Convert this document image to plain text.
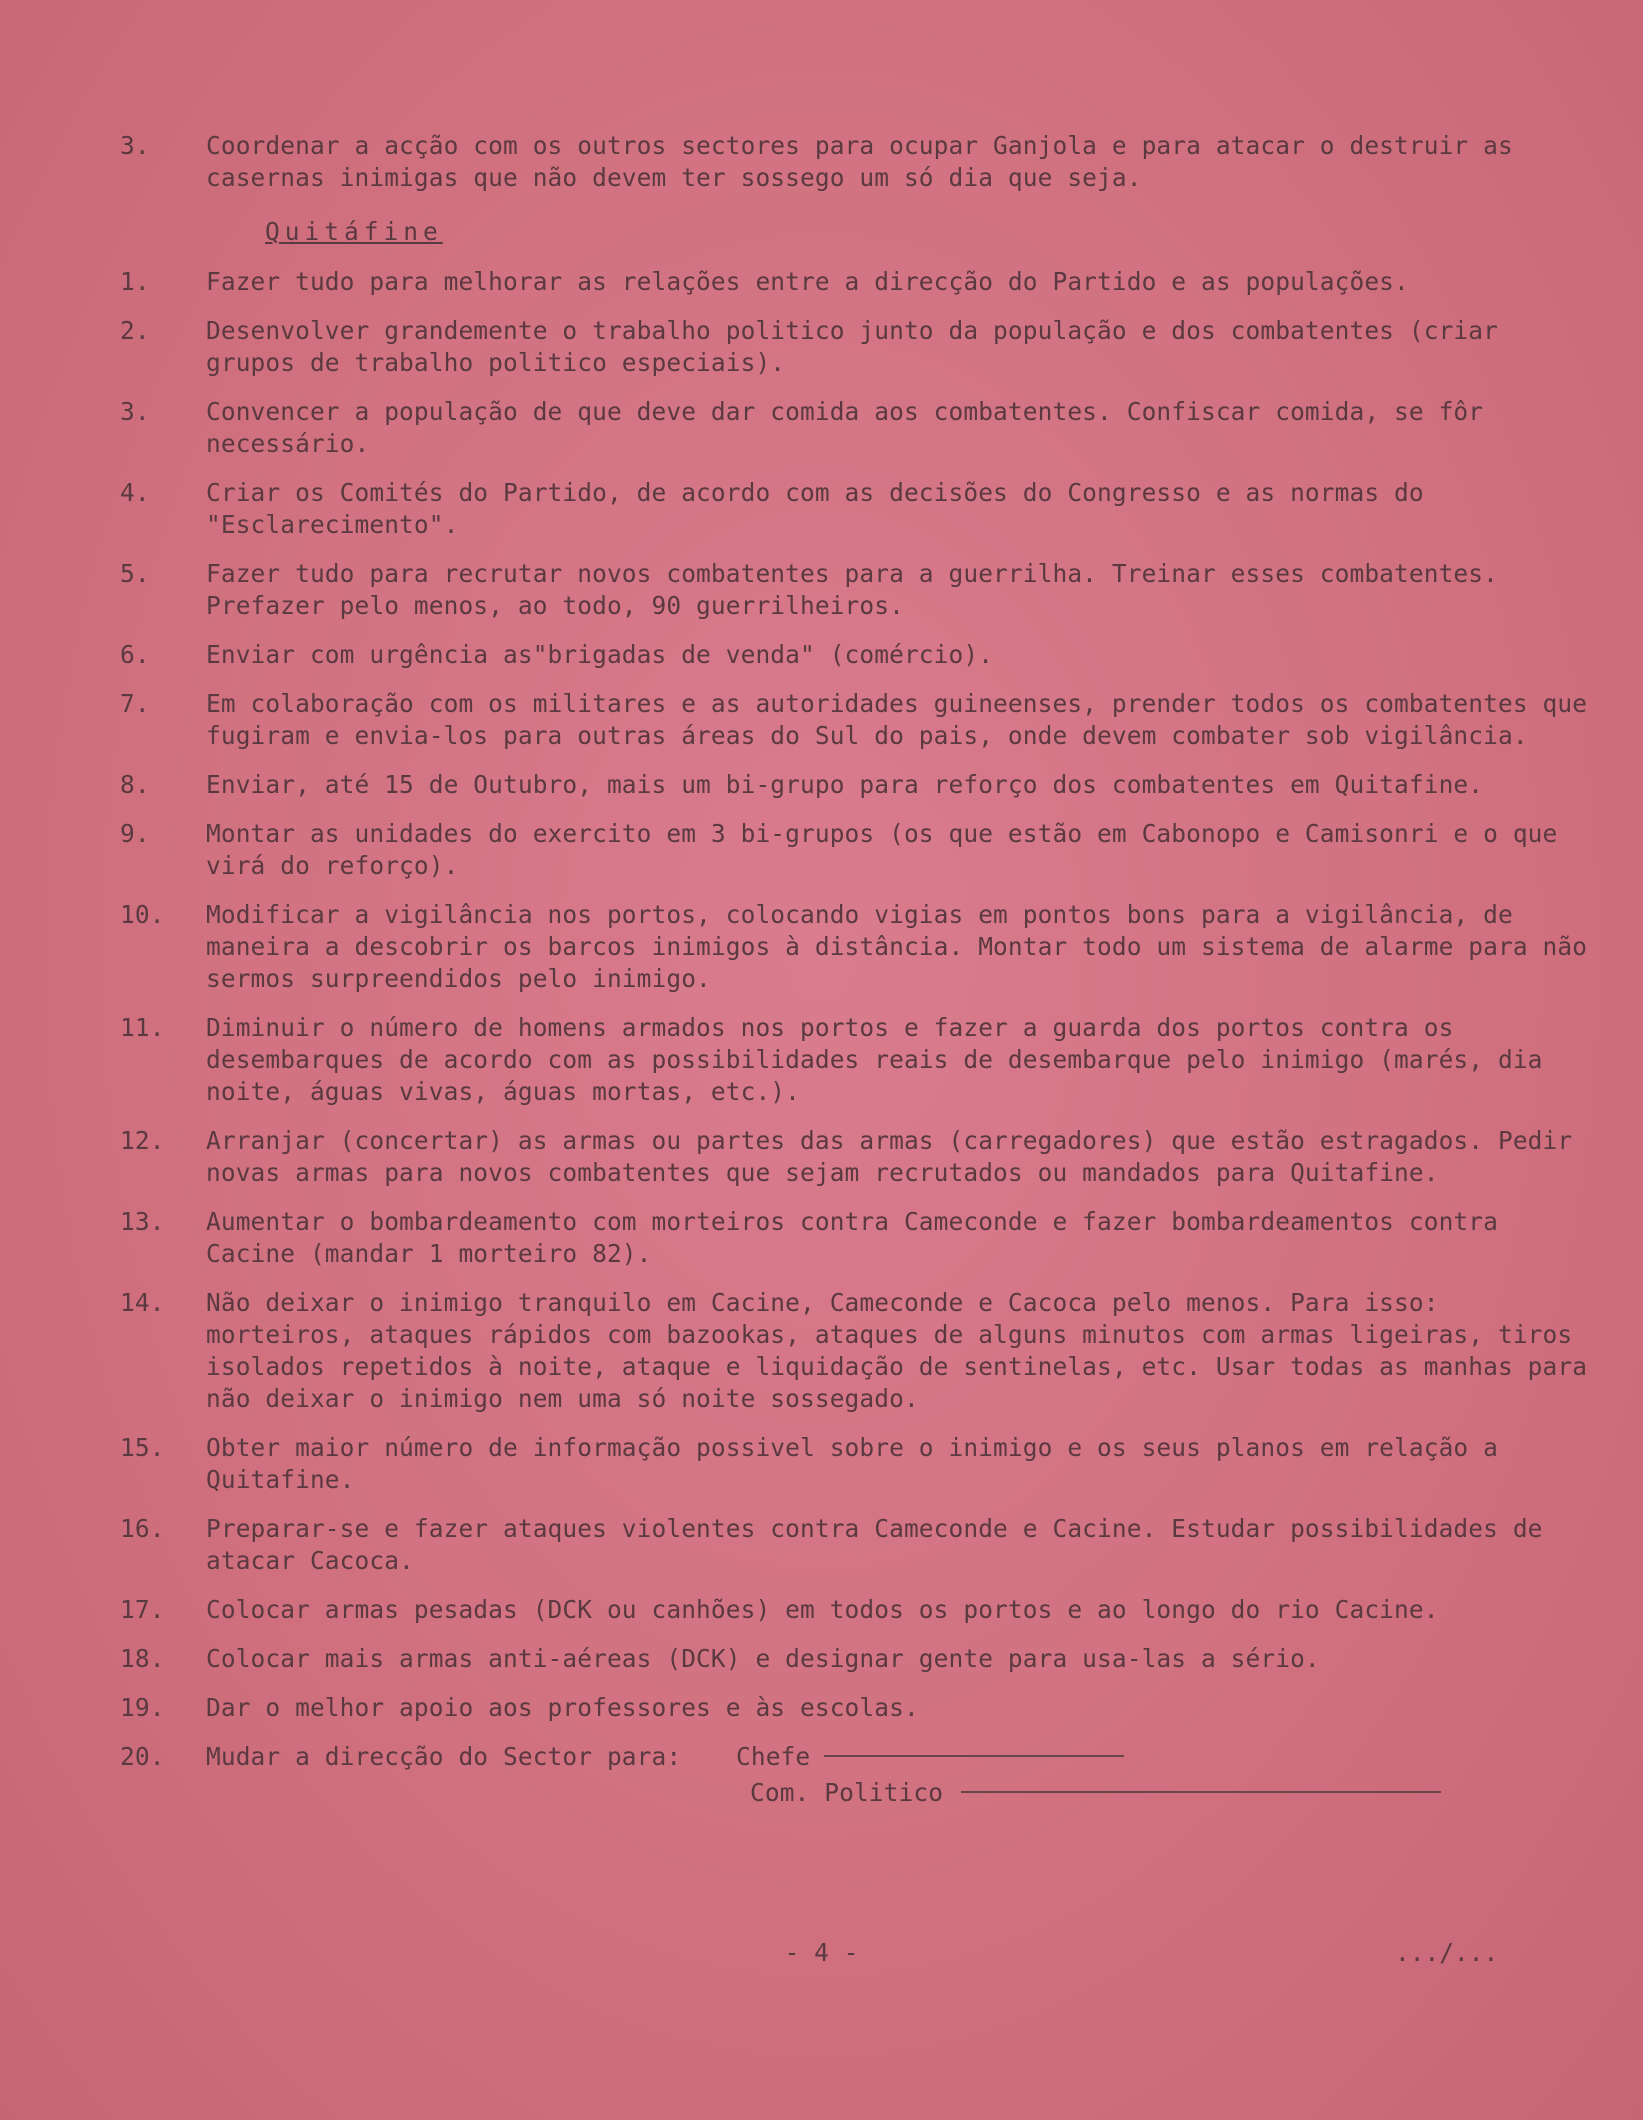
3.	Coordenar a acção com os outros sectores para ocupar Ganjola e para atacar o destruir as casernas inimigas que não devem ter sossego um só dia que seja.
Quitáfine
1.	Fazer tudo para melhorar as relações entre a direcção do Partido e as populações.
2.	Desenvolver grandemente o trabalho politico junto da população e dos combatentes (criar grupos de trabalho politico especiais).
3.	Convencer a população de que deve dar comida aos combatentes. Confiscar comida, se fôr necessário.
4.	Criar os Comités do Partido, de acordo com as decisões do Congresso e as normas do "Esclarecimento".
5.	Fazer tudo para recrutar novos combatentes para a guerrilha. Treinar esses combatentes. Prefazer pelo menos, ao todo, 90 guerrilheiros.
6.	Enviar com urgência as"brigadas de venda" (comércio).
7.	Em colaboração com os militares e as autoridades guineenses, prender todos os combatentes que fugiram e envia-los para outras áreas do Sul do pais, onde devem combater sob vigilância.
8.	Enviar, até 15 de Outubro, mais um bi-grupo para reforço dos combatentes em Quitafine.
9.	Montar as unidades do exercito em 3 bi-grupos (os que estão em Cabonopo e Camisonri e o que virá do reforço).
10.	Modificar a vigilância nos portos, colocando vigias em pontos bons para a vigilância, de maneira a descobrir os barcos inimigos à distância. Montar todo um sistema de alarme para não sermos surpreendidos pelo inimigo.
11.	Diminuir o número de homens armados nos portos e fazer a guarda dos portos contra os desembarques de acordo com as possibilidades reais de desembarque pelo inimigo (marés, dia noite, águas vivas, águas mortas, etc.).
12.	Arranjar (concertar) as armas ou partes das armas (carregadores) que estão estragados. Pedir novas armas para novos combatentes que sejam recrutados ou mandados para Quitafine.
13.	Aumentar o bombardeamento com morteiros contra Cameconde e fazer bombardeamentos contra Cacine (mandar 1 morteiro 82).
14.	Não deixar o inimigo tranquilo em Cacine, Cameconde e Cacoca pelo menos. Para isso: morteiros, ataques rápidos com bazookas, ataques de alguns minutos com armas ligeiras, tiros isolados repetidos à noite, ataque e liquidação de sentinelas, etc. Usar todas as manhas para não deixar o inimigo nem uma só noite sossegado.
15.	Obter maior número de informação possivel sobre o inimigo e os seus planos em relação a Quitafine.
16.	Preparar-se e fazer ataques violentes contra Cameconde e Cacine. Estudar possibilidades de atacar Cacoca.
17.	Colocar armas pesadas (DCK ou canhões) em todos os portos e ao longo do rio Cacine.
18.	Colocar mais armas anti-aéreas (DCK) e designar gente para usa-las a sério.
19.	Dar o melhor apoio aos professores e às escolas.
20.	Mudar a direcção do Sector para:	Chefe
Com. Politico
- 4 -	.../...
